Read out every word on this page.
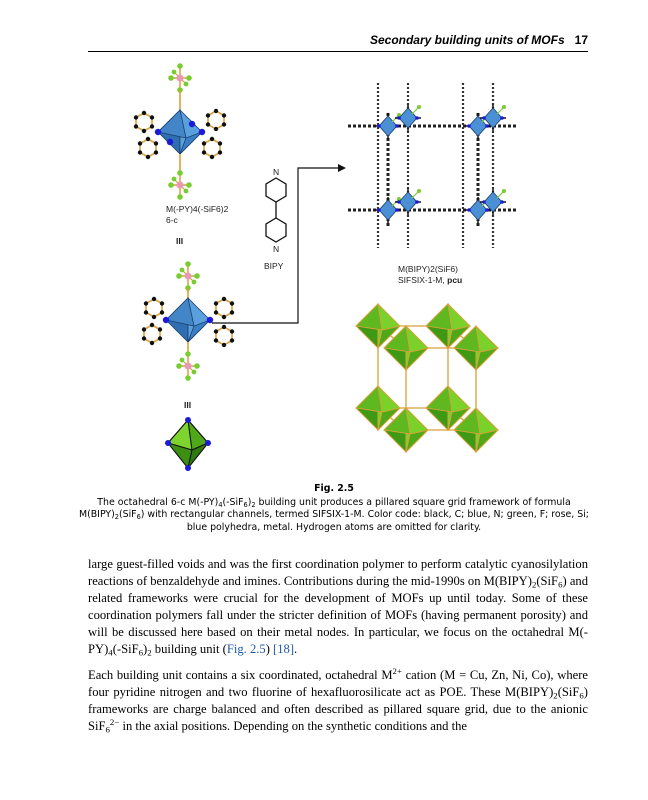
Secondary building units of MOFs 17
M(-PY)4(-SiF6)2
6-c
III
N
N
BIPY
III
M(BIPY)2(SiF6)
SIFSIX-1-M, pcu
Fig. 2.5
The octahedral 6-c $M(-PY)_4(-SiF_6)_2$ building unit produces a pillared square grid framework of formula $M(BIPY)_2(SiF_6)$ with rectangular channels, termed SIFSIX-1-M. Color code: black, C; blue, N; green, F; rose, Si; blue polyhedra, metal. Hydrogen atoms are omitted for clarity.

large guest-filled voids and was the first coordination polymer to perform catalytic cyanosilylation reactions of benzaldehyde and imines. Contributions during the mid-1990s on $M(BIPY)_2(SiF_6)$ and related frameworks were crucial for the development of MOFs up until today. Some of these coordination polymers fall under the stricter definition of MOFs (having permanent porosity) and will be discussed here based on their metal nodes. In particular, we focus on the octahedral $M(-PY)_4(-SiF_6)_2$ building unit (Fig. 2.5) [18].

Each building unit contains a six coordinated, octahedral $M^{2+}$ cation (M = Cu, Zn, Ni, Co), where four pyridine nitrogen and two fluorine of hexafluorosilicate act as POE. These $M(BIPY)_2(SiF_6)$ frameworks are charge balanced and often described as pillared square grid, due to the anionic SiF$_6^{2-}$ in the axial positions. Depending on the synthetic conditions and the
